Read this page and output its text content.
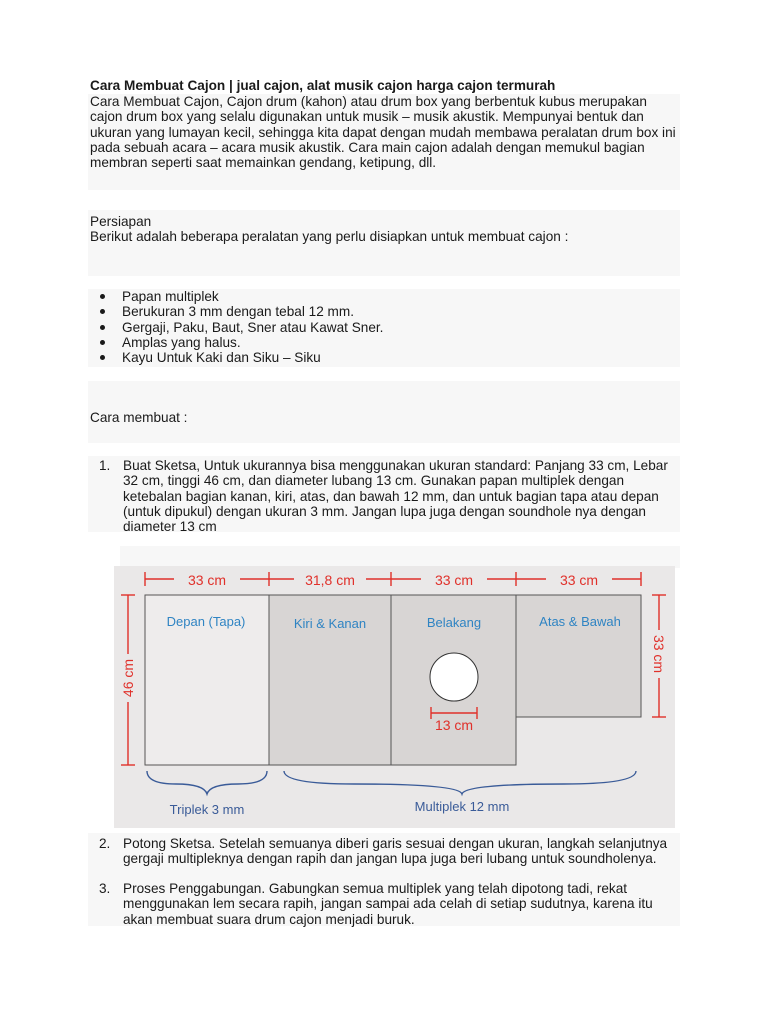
Cara Membuat Cajon | jual cajon, alat musik cajon harga cajon termurah
Cara Membuat Cajon, Cajon drum (kahon) atau drum box yang berbentuk kubus merupakan cajon drum box yang selalu digunakan untuk musik – musik akustik. Mempunyai bentuk dan ukuran yang lumayan kecil, sehingga kita dapat dengan mudah membawa peralatan drum box ini pada sebuah acara – acara musik akustik. Cara main cajon adalah dengan memukul bagian membran seperti saat memainkan gendang, ketipung, dll.
Persiapan
Berikut adalah beberapa peralatan yang perlu disiapkan untuk membuat cajon :
Papan multiplek
Berukuran 3 mm dengan tebal 12 mm.
Gergaji, Paku, Baut, Sner atau Kawat Sner.
Amplas yang halus.
Kayu Untuk Kaki dan Siku – Siku
Cara membuat :
1. Buat Sketsa, Untuk ukurannya bisa menggunakan ukuran standard: Panjang 33 cm, Lebar 32 cm, tinggi 46 cm, dan diameter lubang 13 cm. Gunakan papan multiplek dengan ketebalan bagian kanan, kiri, atas, dan bawah 12 mm, dan untuk bagian tapa atau depan (untuk dipukul) dengan ukuran 3 mm. Jangan lupa juga dengan soundhole nya dengan diameter 13 cm
33 cm	31,8 cm	33 cm	33 cm
46 cm
33 cm
Depan (Tapa)	Kiri & Kanan	Belakang	Atas & Bawah
13 cm
Triplek 3 mm	Multiplek 12 mm
2. Potong Sketsa. Setelah semuanya diberi garis sesuai dengan ukuran, langkah selanjutnya gergaji multipleknya dengan rapih dan jangan lupa juga beri lubang untuk soundholenya.
3. Proses Penggabungan. Gabungkan semua multiplek yang telah dipotong tadi, rekat menggunakan lem secara rapih, jangan sampai ada celah di setiap sudutnya, karena itu akan membuat suara drum cajon menjadi buruk.
